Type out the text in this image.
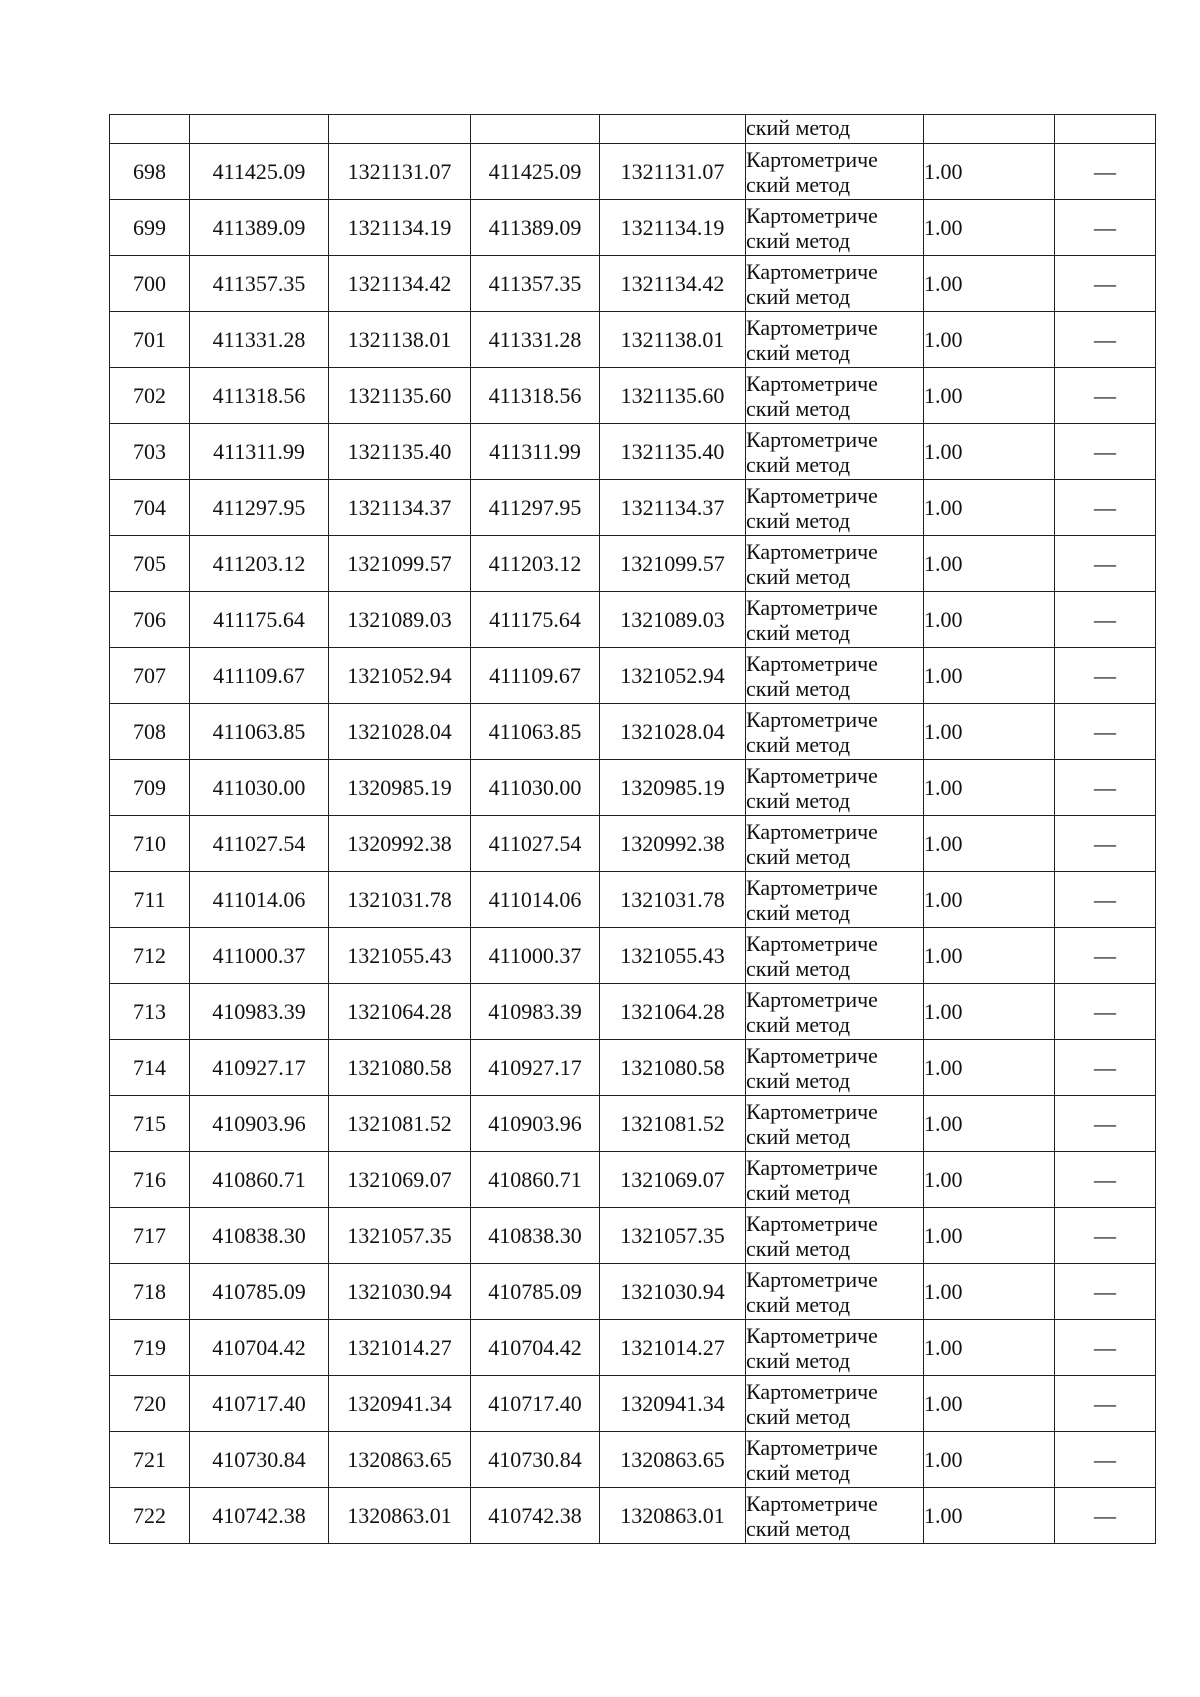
					ский метод		

698	411425.09	1321131.07	411425.09	1321131.07	Картометриче
ский метод	1.00	—
699	411389.09	1321134.19	411389.09	1321134.19	Картометриче
ский метод	1.00	—
700	411357.35	1321134.42	411357.35	1321134.42	Картометриче
ский метод	1.00	—
701	411331.28	1321138.01	411331.28	1321138.01	Картометриче
ский метод	1.00	—
702	411318.56	1321135.60	411318.56	1321135.60	Картометриче
ский метод	1.00	—
703	411311.99	1321135.40	411311.99	1321135.40	Картометриче
ский метод	1.00	—
704	411297.95	1321134.37	411297.95	1321134.37	Картометриче
ский метод	1.00	—
705	411203.12	1321099.57	411203.12	1321099.57	Картометриче
ский метод	1.00	—
706	411175.64	1321089.03	411175.64	1321089.03	Картометриче
ский метод	1.00	—
707	411109.67	1321052.94	411109.67	1321052.94	Картометриче
ский метод	1.00	—
708	411063.85	1321028.04	411063.85	1321028.04	Картометриче
ский метод	1.00	—
709	411030.00	1320985.19	411030.00	1320985.19	Картометриче
ский метод	1.00	—
710	411027.54	1320992.38	411027.54	1320992.38	Картометриче
ский метод	1.00	—
711	411014.06	1321031.78	411014.06	1321031.78	Картометриче
ский метод	1.00	—
712	411000.37	1321055.43	411000.37	1321055.43	Картометриче
ский метод	1.00	—
713	410983.39	1321064.28	410983.39	1321064.28	Картометриче
ский метод	1.00	—
714	410927.17	1321080.58	410927.17	1321080.58	Картометриче
ский метод	1.00	—
715	410903.96	1321081.52	410903.96	1321081.52	Картометриче
ский метод	1.00	—
716	410860.71	1321069.07	410860.71	1321069.07	Картометриче
ский метод	1.00	—
717	410838.30	1321057.35	410838.30	1321057.35	Картометриче
ский метод	1.00	—
718	410785.09	1321030.94	410785.09	1321030.94	Картометриче
ский метод	1.00	—
719	410704.42	1321014.27	410704.42	1321014.27	Картометриче
ский метод	1.00	—
720	410717.40	1320941.34	410717.40	1320941.34	Картометриче
ский метод	1.00	—
721	410730.84	1320863.65	410730.84	1320863.65	Картометриче
ский метод	1.00	—
722	410742.38	1320863.01	410742.38	1320863.01	Картометриче
ский метод	1.00	—
